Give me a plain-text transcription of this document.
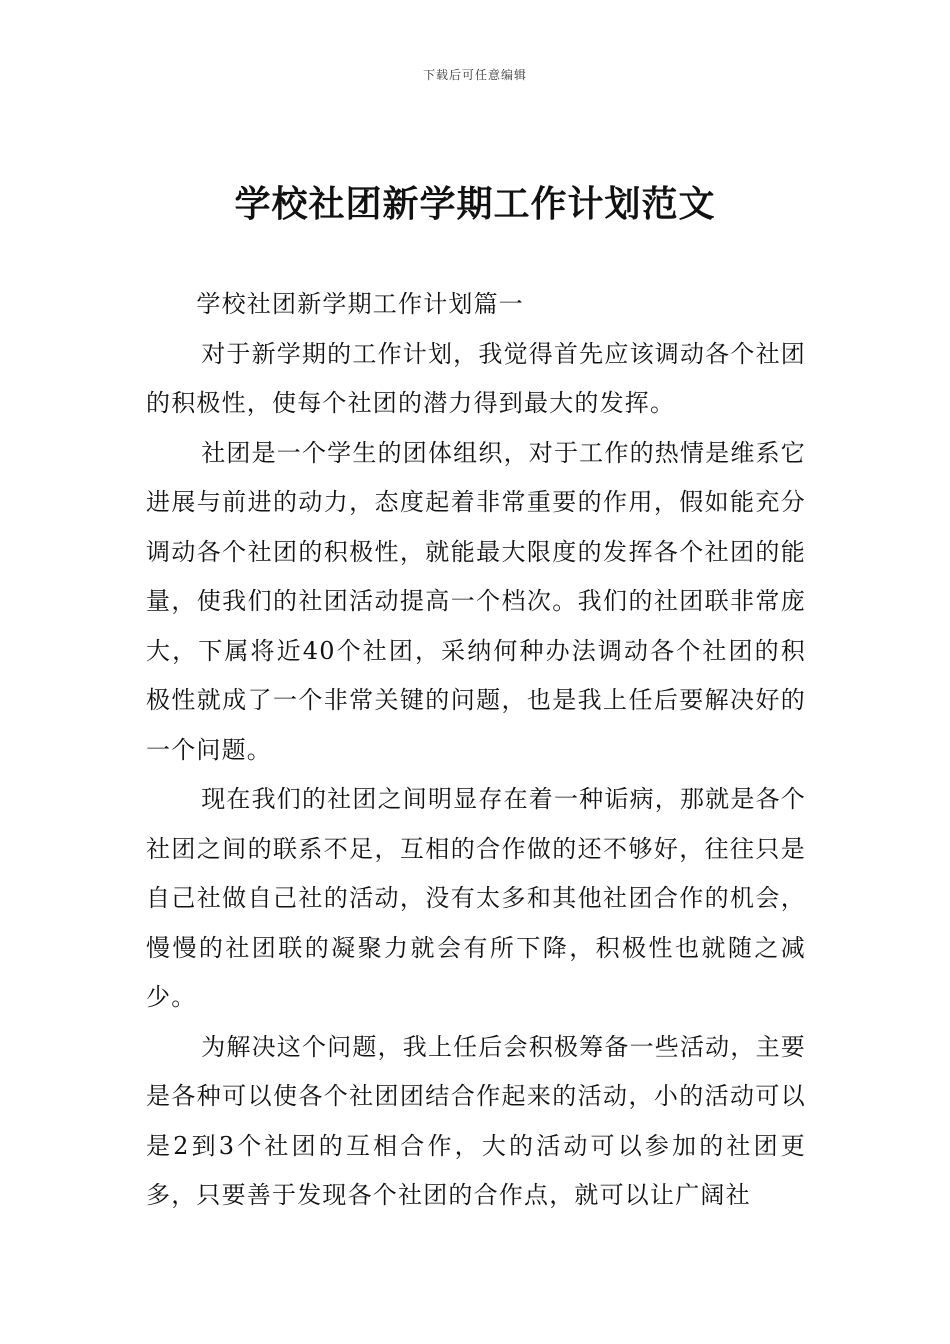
下载后可任意编辑
学校社团新学期工作计划范文

学校社团新学期工作计划篇一

对于新学期的工作计划，我觉得首先应该调动各个社团的积极性，使每个社团的潜力得到最大的发挥。

社团是一个学生的团体组织，对于工作的热情是维系它进展与前进的动力，态度起着非常重要的作用，假如能充分调动各个社团的积极性，就能最大限度的发挥各个社团的能量，使我们的社团活动提高一个档次。我们的社团联非常庞大，下属将近40个社团，采纳何种办法调动各个社团的积极性就成了一个非常关键的问题，也是我上任后要解决好的一个问题。

现在我们的社团之间明显存在着一种诟病，那就是各个社团之间的联系不足，互相的合作做的还不够好，往往只是自己社做自己社的活动，没有太多和其他社团合作的机会，慢慢的社团联的凝聚力就会有所下降，积极性也就随之减少。

为解决这个问题，我上任后会积极筹备一些活动，主要是各种可以使各个社团团结合作起来的活动，小的活动可以是2到3个社团的互相合作，大的活动可以参加的社团更多，只要善于发现各个社团的合作点，就可以让广阔社
